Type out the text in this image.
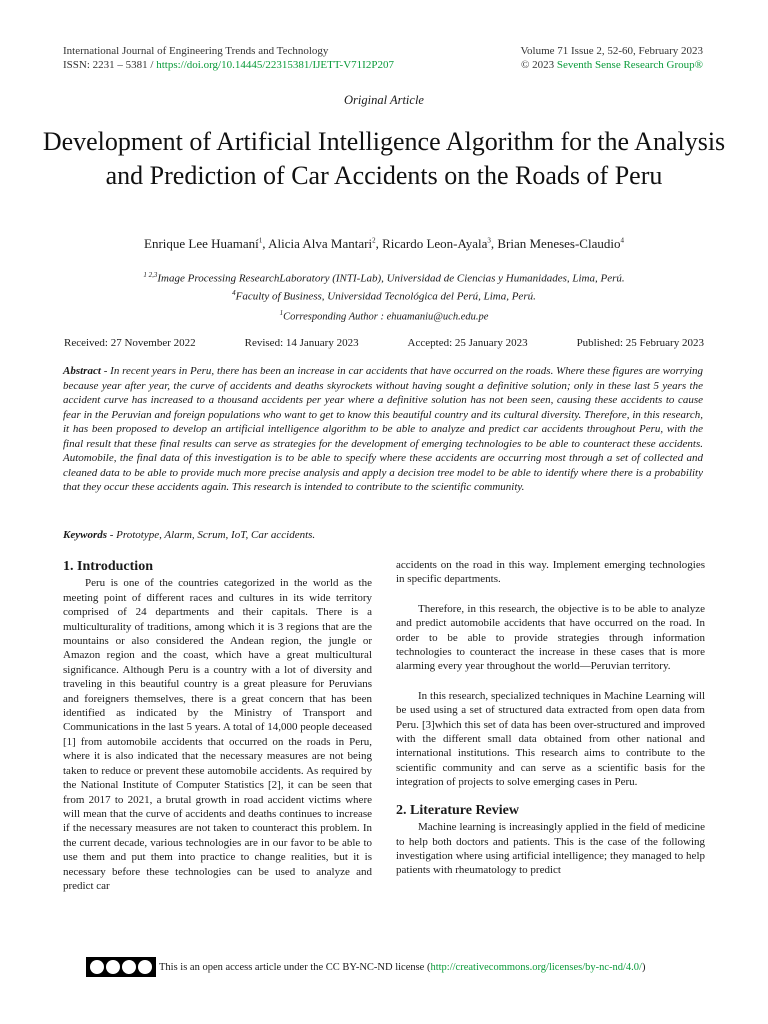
International Journal of Engineering Trends and Technology
ISSN: 2231 – 5381 / https://doi.org/10.14445/22315381/IJETT-V71I2P207
Volume 71 Issue 2, 52-60, February 2023
© 2023 Seventh Sense Research Group®
Original Article
Development of Artificial Intelligence Algorithm for the Analysis and Prediction of Car Accidents on the Roads of Peru
Enrique Lee Huamaní$^1$, Alicia Alva Mantari$^2$, Ricardo Leon-Ayala$^3$, Brian Meneses-Claudio$^4$
$^{1 2,3}$Image Processing ResearchLaboratory (INTI-Lab), Universidad de Ciencias y Humanidades, Lima, Perú.
$^4$Faculty of Business, Universidad Tecnológica del Perú, Lima, Perú.
$^1$Corresponding Author : ehuamaniu@uch.edu.pe
Received: 27 November 2022	Revised: 14 January 2023	Accepted: 25 January 2023	Published: 25 February 2023
Abstract - In recent years in Peru, there has been an increase in car accidents that have occurred on the roads. Where these figures are worrying because year after year, the curve of accidents and deaths skyrockets without having sought a definitive solution; only in these last 5 years the accident curve has increased to a thousand accidents per year where a definitive solution has not been seen, causing these accidents to cause fear in the Peruvian and foreign populations who want to get to know this beautiful country and its cultural diversity. Therefore, in this research, it has been proposed to develop an artificial intelligence algorithm to be able to analyze and predict car accidents throughout Peru, with the final result that these final results can serve as strategies for the development of emerging technologies to be able to counteract these accidents. Automobile, the final data of this investigation is to be able to specify where these accidents are occurring most through a set of collected and cleaned data to be able to provide much more precise analysis and apply a decision tree model to be able to identify where there is a probability that they occur these accidents again. This research is intended to contribute to the scientific community.
Keywords - Prototype, Alarm, Scrum, IoT, Car accidents.
1. Introduction

Peru is one of the countries categorized in the world as the meeting point of different races and cultures in its wide territory comprised of 24 departments and their capitals. There is a multiculturality of traditions, among which it is 3 regions that are the mountains or also considered the Andean region, the jungle or Amazon region and the coast, which have a great multicultural significance. Although Peru is a country with a lot of diversity and traveling in this beautiful country is a great pleasure for Peruvians and foreigners themselves, there is a great concern that has been identified as indicated by the Ministry of Transport and Communications in the last 5 years. A total of 14,000 people deceased [1] from automobile accidents that occurred on the roads in Peru, where it is also indicated that the necessary measures are not being taken to reduce or prevent these automobile accidents. As required by the National Institute of Computer Statistics [2], it can be seen that from 2017 to 2021, a brutal growth in road accident victims where will mean that the curve of accidents and deaths continues to increase if the necessary measures are not taken to counteract this problem. In the current decade, various technologies are in our favor to be able to use them and put them into practice to change realities, but it is necessary before these technologies can be used to analyze and predict car

accidents on the road in this way. Implement emerging technologies in specific departments.

Therefore, in this research, the objective is to be able to analyze and predict automobile accidents that have occurred on the road. In order to be able to provide strategies through information technologies to counteract the increase in these cases that is more alarming every year throughout the world—Peruvian territory.

In this research, specialized techniques in Machine Learning will be used using a set of structured data extracted from open data from Peru. [3]which this set of data has been over-structured and improved with the different small data obtained from other national and international institutions. This research aims to contribute to the scientific community and can serve as a scientific basis for the integration of projects to solve emerging cases in Peru.

2. Literature Review

Machine learning is increasingly applied in the field of medicine to help both doctors and patients. This is the case of the following investigation where using artificial intelligence; they managed to help patients with rheumatology to predict

This is an open access article under the CC BY-NC-ND license (http://creativecommons.org/licenses/by-nc-nd/4.0/)
